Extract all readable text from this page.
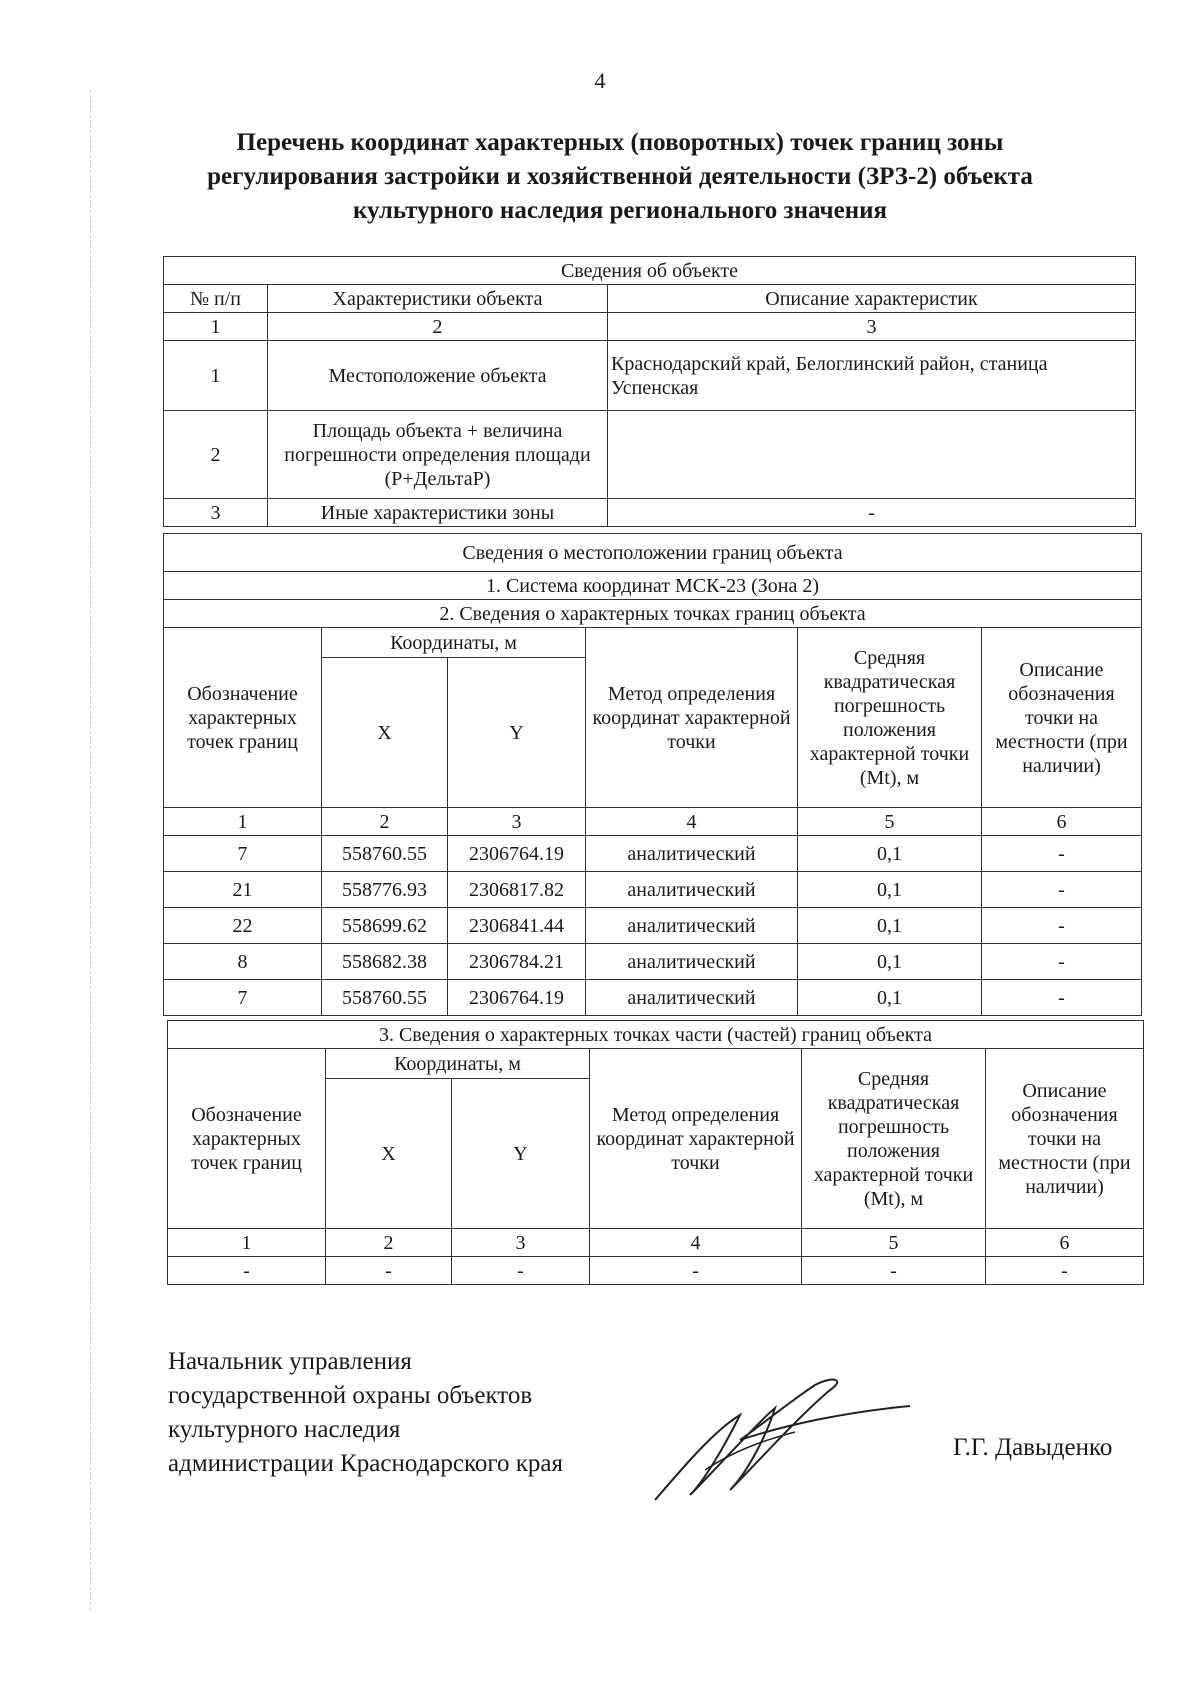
4
Перечень координат характерных (поворотных) точек границ зоны регулирования застройки и хозяйственной деятельности (ЗРЗ-2) объекта культурного наследия регионального значения
Сведения об объекте		
№ п/п	Характеристики объекта	Описание характеристик
1	2	3
1	Местоположение объекта	Краснодарский край, Белоглинский район, станица Успенская
2	Площадь объекта + величина погрешности определения площади (P+ДельтаP)	
3	Иные характеристики зоны	-
Сведения о местоположении границ объекта					
1. Система координат МСК-23 (Зона 2)					
2. Сведения о характерных точках границ объекта					
Обозначение характерных точек границ	Координаты, м		Метод определения координат характерной точки	Средняя квадратическая погрешность положения характерной точки (Mt), м	Описание обозначения точки на местности (при наличии)
	X	Y			
1	2	3	4	5	6
7	558760.55	2306764.19	аналитический	0,1	-
21	558776.93	2306817.82	аналитический	0,1	-
22	558699.62	2306841.44	аналитический	0,1	-
8	558682.38	2306784.21	аналитический	0,1	-
7	558760.55	2306764.19	аналитический	0,1	-
3. Сведения о характерных точках части (частей) границ объекта					
Обозначение характерных точек границ	Координаты, м		Метод определения координат характерной точки	Средняя квадратическая погрешность положения характерной точки (Mt), м	Описание обозначения точки на местности (при наличии)
	X	Y			
1	2	3	4	5	6
-	-	-	-	-	-
Начальник управления
государственной охраны объектов
культурного наследия
администрации Краснодарского края
Г.Г. Давыденко
